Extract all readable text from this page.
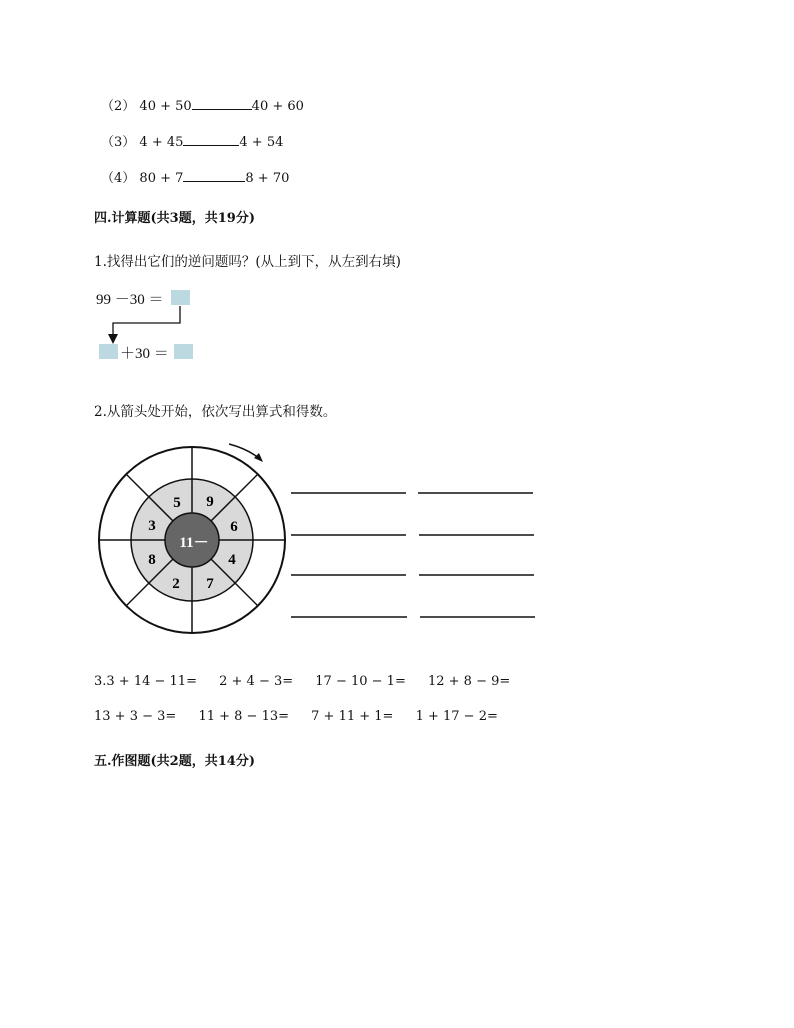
（2） 40 + 50	40 + 60
（3） 4 + 45	4 + 54
（4） 80 + 7	8 + 70
四.计算题(共3题，共19分)
1.找得出它们的逆问题吗？(从上到下，从左到右填)
99 －30 ＝
＋30 ＝
2.从箭头处开始，依次写出算式和得数。
5 9
6
4
7
2
8
3
11－
3.3 + 14 − 11= 2 + 4 − 3= 17 − 10 − 1= 12 + 8 − 9=
13 + 3 − 3= 11 + 8 − 13= 7 + 11 + 1= 1 + 17 − 2=
五.作图题(共2题，共14分)
